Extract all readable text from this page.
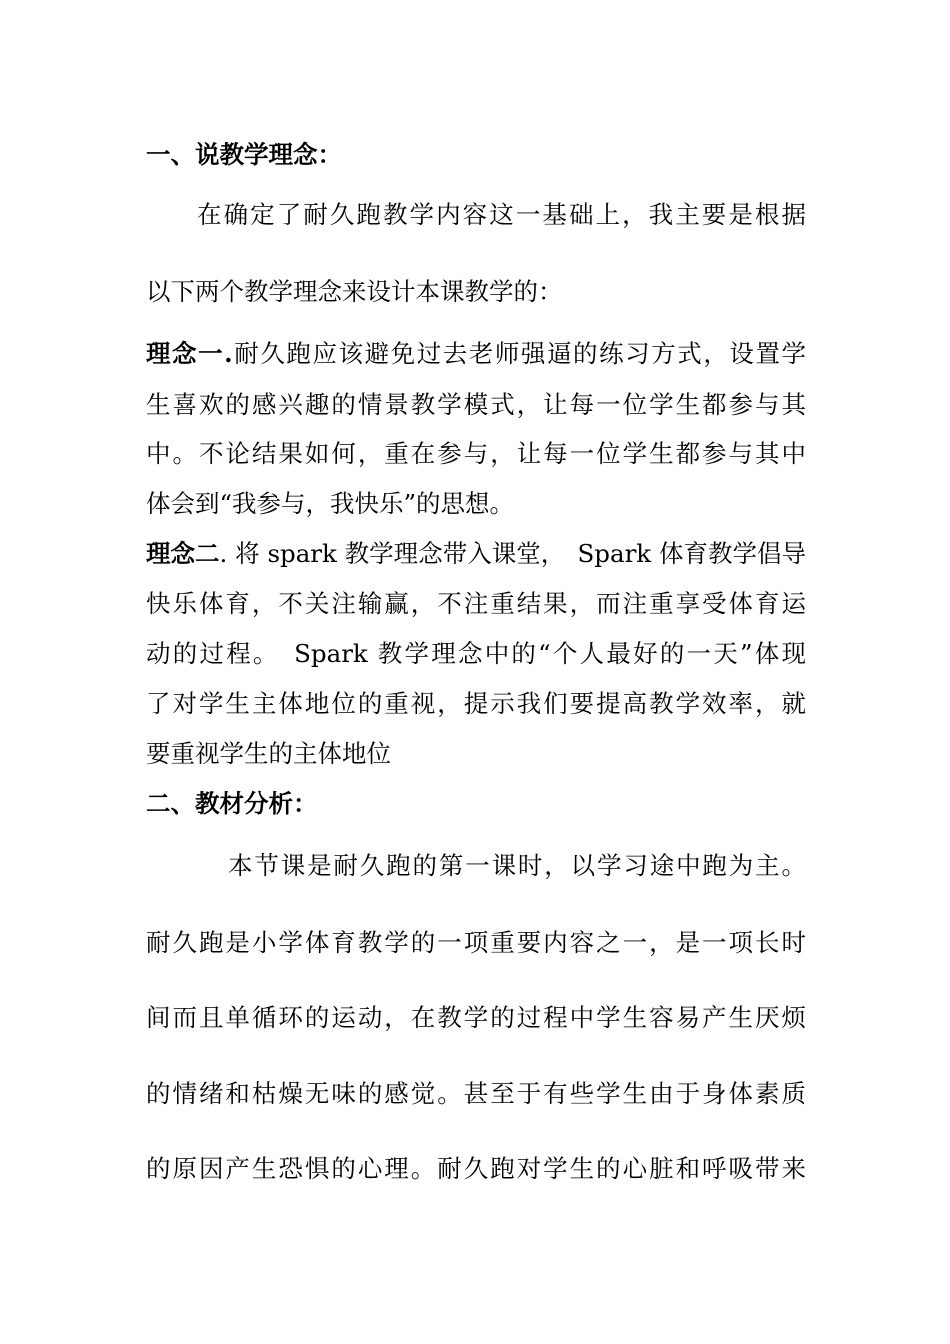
一、说教学理念：
在确定了耐久跑教学内容这一基础上，我主要是根据
以下两个教学理念来设计本课教学的：
理念一.耐久跑应该避免过去老师强逼的练习方式，设置学
生喜欢的感兴趣的情景教学模式，让每一位学生都参与其
中。不论结果如何，重在参与，让每一位学生都参与其中
体会到“我参与，我快乐”的思想。
理念二. 将 spark 教学理念带入课堂，　Spark 体育教学倡导
快乐体育，不关注输赢，不注重结果，而注重享受体育运
动的过程。　Spark 教学理念中的“个人最好的一天”体现
了对学生主体地位的重视，提示我们要提高教学效率，就
要重视学生的主体地位
二、教材分析：
本节课是耐久跑的第一课时，以学习途中跑为主。
耐久跑是小学体育教学的一项重要内容之一，是一项长时
间而且单循环的运动，在教学的过程中学生容易产生厌烦
的情绪和枯燥无味的感觉。甚至于有些学生由于身体素质
的原因产生恐惧的心理。耐久跑对学生的心脏和呼吸带来
